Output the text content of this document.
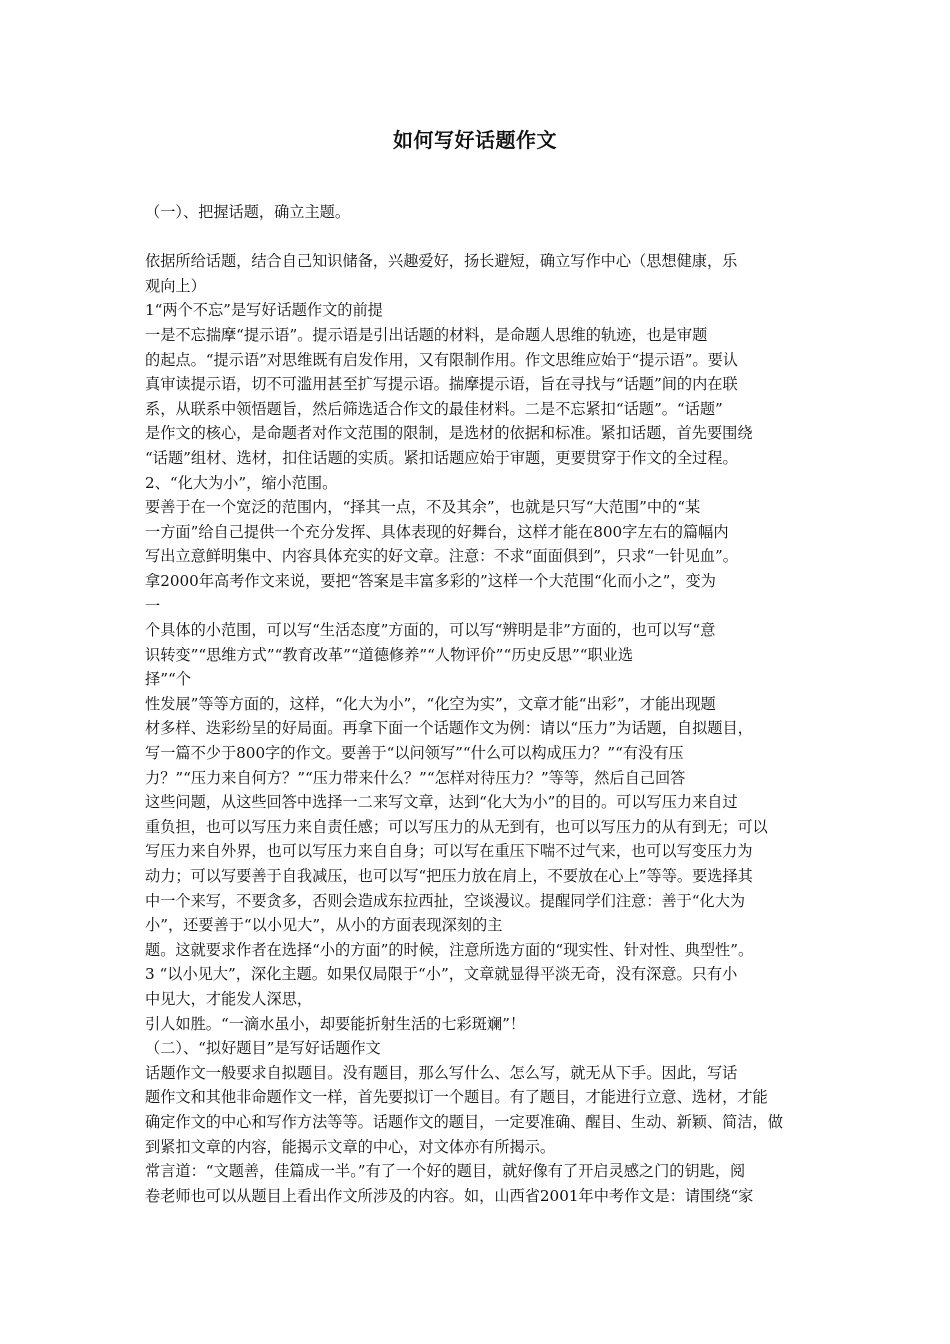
如何写好话题作文

（一）、把握话题，确立主题。

依据所给话题，结合自己知识储备，兴趣爱好，扬长避短，确立写作中心（思想健康，乐

观向上）

1“两个不忘”是写好话题作文的前提

一是不忘揣摩“提示语”。提示语是引出话题的材料，是命题人思维的轨迹，也是审题

的起点。“提示语”对思维既有启发作用，又有限制作用。作文思维应始于“提示语”。要认

真审读提示语，切不可滥用甚至扩写提示语。揣摩提示语，旨在寻找与“话题”间的内在联

系，从联系中领悟题旨，然后筛选适合作文的最佳材料。二是不忘紧扣“话题”。“话题”

是作文的核心，是命题者对作文范围的限制，是选材的依据和标准。紧扣话题，首先要围绕

“话题”组材、选材，扣住话题的实质。紧扣话题应始于审题，更要贯穿于作文的全过程。

2、“化大为小”，缩小范围。

要善于在一个宽泛的范围内，“择其一点，不及其余”，也就是只写“大范围”中的“某

一方面”给自己提供一个充分发挥、具体表现的好舞台，这样才能在800字左右的篇幅内

写出立意鲜明集中、内容具体充实的好文章。注意：不求“面面俱到”，只求“一针见血”。

拿2000年高考作文来说，要把“答案是丰富多彩的”这样一个大范围“化而小之”，变为

一

个具体的小范围，可以写“生活态度”方面的，可以写“辨明是非”方面的，也可以写“意

识转变”“思维方式”“教育改革”“道德修养”“人物评价”“历史反思”“职业选

择”“个

性发展”等等方面的，这样，“化大为小”，“化空为实”，文章才能“出彩”，才能出现题

材多样、迭彩纷呈的好局面。再拿下面一个话题作文为例：请以“压力”为话题，自拟题目，

写一篇不少于800字的作文。要善于“以问领写”“什么可以构成压力？”“有没有压

力？”“压力来自何方？”“压力带来什么？”“怎样对待压力？”等等，然后自己回答

这些问题，从这些回答中选择一二来写文章，达到“化大为小”的目的。可以写压力来自过

重负担，也可以写压力来自责任感；可以写压力的从无到有，也可以写压力的从有到无；可以

写压力来自外界，也可以写压力来自自身；可以写在重压下喘不过气来，也可以写变压力为

动力；可以写要善于自我减压，也可以写“把压力放在肩上，不要放在心上”等等。要选择其

中一个来写，不要贪多，否则会造成东拉西扯，空谈漫议。提醒同学们注意：善于“化大为

小”，还要善于“以小见大”，从小的方面表现深刻的主

题。这就要求作者在选择“小的方面”的时候，注意所选方面的“现实性、针对性、典型性”。

3 “以小见大”，深化主题。如果仅局限于“小”，文章就显得平淡无奇，没有深意。只有小

中见大，才能发人深思，

引人如胜。“一滴水虽小，却要能折射生活的七彩斑斓”！

（二）、“拟好题目”是写好话题作文

话题作文一般要求自拟题目。没有题目，那么写什么、怎么写，就无从下手。因此，写话

题作文和其他非命题作文一样，首先要拟订一个题目。有了题目，才能进行立意、选材，才能

确定作文的中心和写作方法等等。话题作文的题目，一定要准确、醒目、生动、新颖、简洁，做

到紧扣文章的内容，能揭示文章的中心，对文体亦有所揭示。

常言道：“文题善，佳篇成一半。”有了一个好的题目，就好像有了开启灵感之门的钥匙，阅

卷老师也可以从题目上看出作文所涉及的内容。如，山西省2001年中考作文是：请围绕“家
